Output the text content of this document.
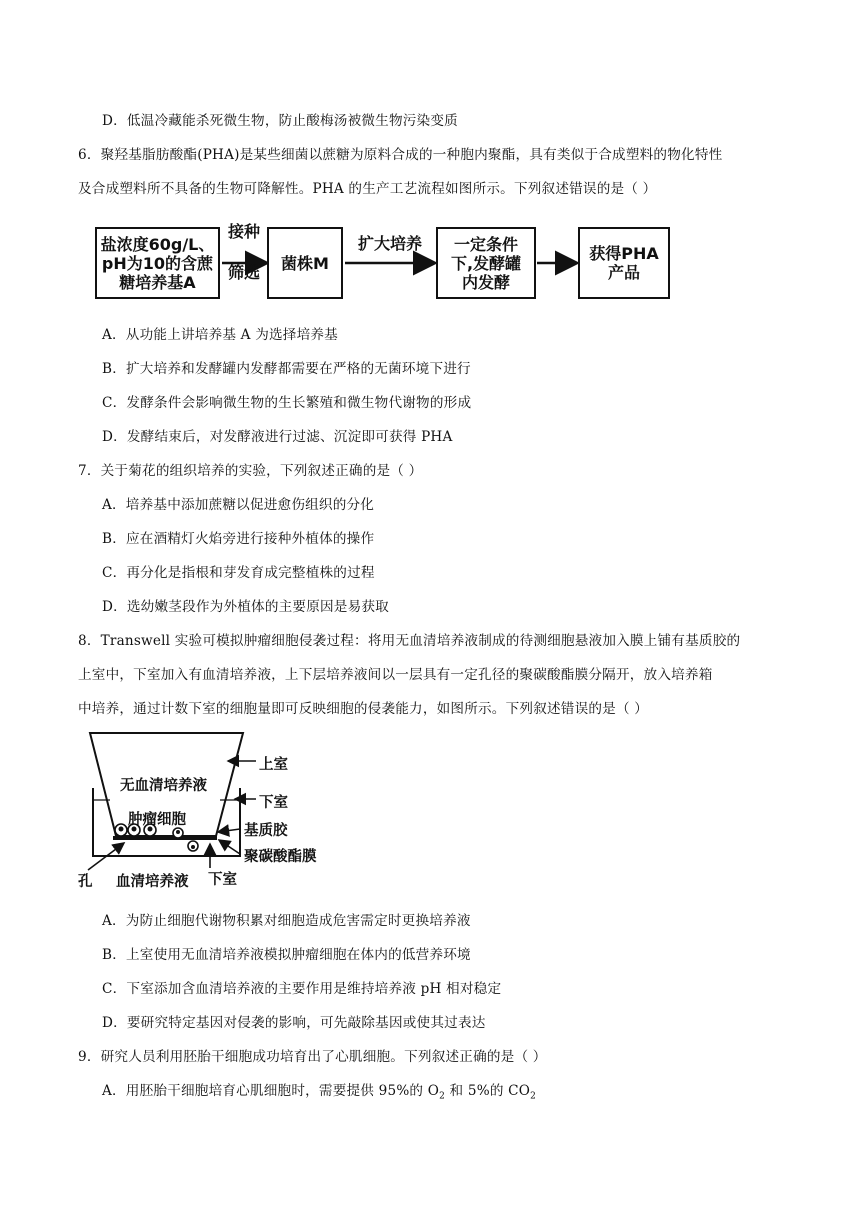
D．低温冷藏能杀死微生物，防止酸梅汤被微生物污染变质
6．聚羟基脂肪酸酯(PHA)是某些细菌以蔗糖为原料合成的一种胞内聚酯，具有类似于合成塑料的物化特性
及合成塑料所不具备的生物可降解性。PHA 的生产工艺流程如图所示。下列叙述错误的是（ ）
盐浓度60g/L、
pH为10的含蔗
糖培养基A
接种
筛选	菌株M
扩大培养	一定条件
下,发酵罐
内发酵
获得PHA
产品
A．从功能上讲培养基 A 为选择培养基
B．扩大培养和发酵罐内发酵都需要在严格的无菌环境下进行
C．发酵条件会影响微生物的生长繁殖和微生物代谢物的形成
D．发酵结束后，对发酵液进行过滤、沉淀即可获得 PHA
7．关于菊花的组织培养的实验，下列叙述正确的是（ ）
A．培养基中添加蔗糖以促进愈伤组织的分化
B．应在酒精灯火焰旁进行接种外植体的操作
C．再分化是指根和芽发育成完整植株的过程
D．选幼嫩茎段作为外植体的主要原因是易获取
8．Transwell 实验可模拟肿瘤细胞侵袭过程：将用无血清培养液制成的待测细胞悬液加入膜上铺有基质胶的
上室中，下室加入有血清培养液，上下层培养液间以一层具有一定孔径的聚碳酸酯膜分隔开，放入培养箱
中培养，通过计数下室的细胞量即可反映细胞的侵袭能力，如图所示。下列叙述错误的是（ ）
无血清培养液
肿瘤细胞
上室
下室
基质胶
聚碳酸酯膜
孔 血清培养液 下室
A．为防止细胞代谢物积累对细胞造成危害需定时更换培养液
B．上室使用无血清培养液模拟肿瘤细胞在体内的低营养环境
C．下室添加含血清培养液的主要作用是维持培养液 pH 相对稳定
D．要研究特定基因对侵袭的影响，可先敲除基因或使其过表达
9．研究人员利用胚胎干细胞成功培育出了心肌细胞。下列叙述正确的是（ ）
A．用胚胎干细胞培育心肌细胞时，需要提供 95%的 $O_2$ 和 5%的 $CO_2$
